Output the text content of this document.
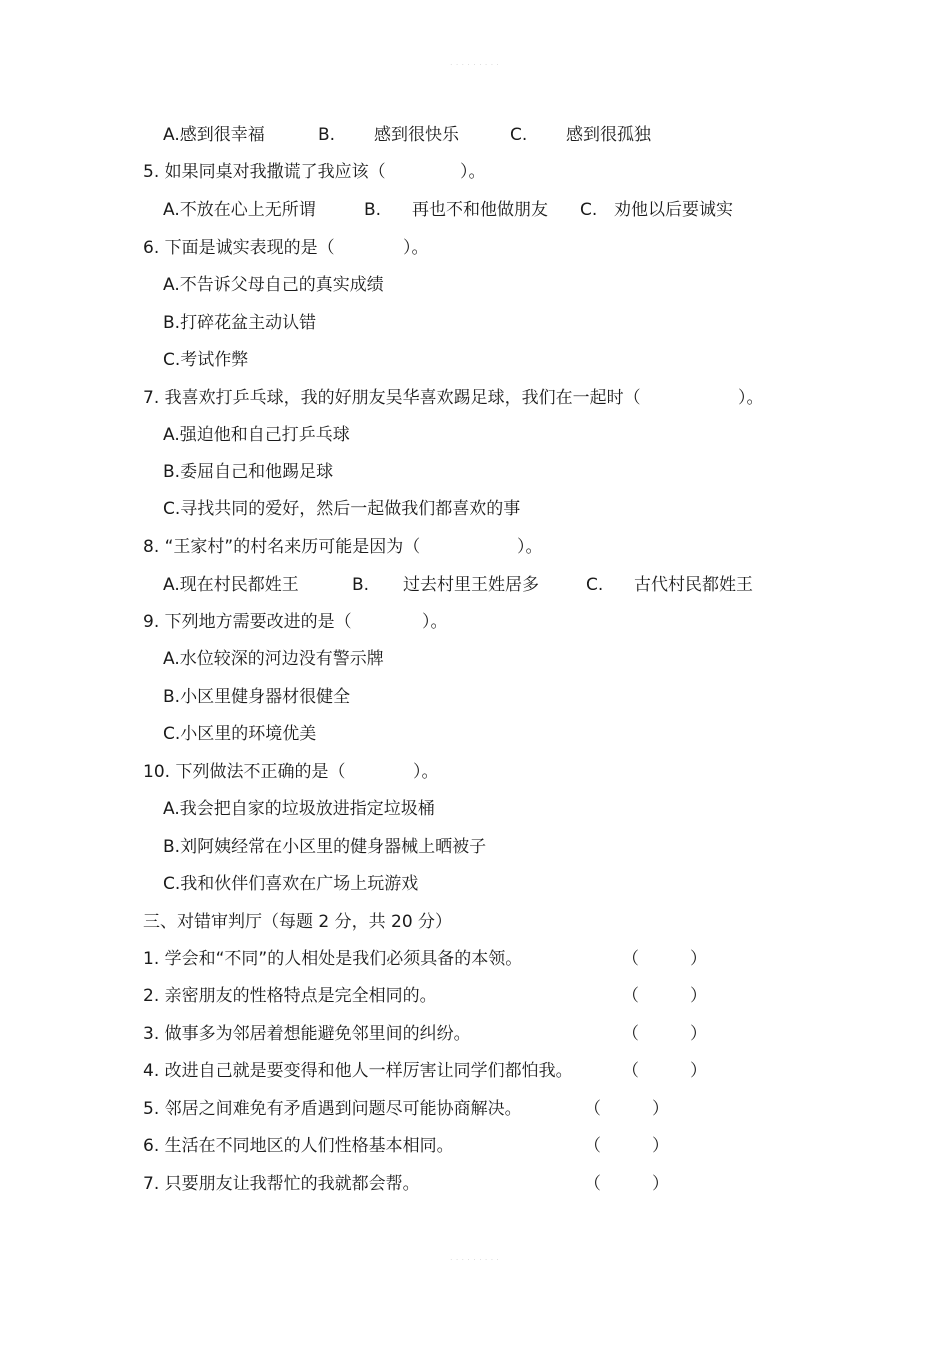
· · · · · · · · ·
A.感到很幸福	B. 感到很快乐	C. 感到很孤独
5. 如果同桌对我撒谎了我应该（	）。
A.不放在心上无所谓	B. 再也不和他做朋友 C. 劝他以后要诚实
6. 下面是诚实表现的是（	）。
A.不告诉父母自己的真实成绩
B.打碎花盆主动认错
C.考试作弊
7. 我喜欢打乒乓球，我的好朋友吴华喜欢踢足球，我们在一起时（	）。
A.强迫他和自己打乒乓球
B.委屈自己和他踢足球
C.寻找共同的爱好，然后一起做我们都喜欢的事
8. “王家村”的村名来历可能是因为（	）。
A.现在村民都姓王	B. 过去村里王姓居多	C. 古代村民都姓王
9. 下列地方需要改进的是（	）。
A.水位较深的河边没有警示牌
B.小区里健身器材很健全
C.小区里的环境优美
10. 下列做法不正确的是（	）。
A.我会把自家的垃圾放进指定垃圾桶
B.刘阿姨经常在小区里的健身器械上晒被子
C.我和伙伴们喜欢在广场上玩游戏
三、对错审判厅（每题 2 分，共 20 分）
1. 学会和“不同”的人相处是我们必须具备的本领。	（	）
2. 亲密朋友的性格特点是完全相同的。	（	）
3. 做事多为邻居着想能避免邻里间的纠纷。	（	）
4. 改进自己就是要变得和他人一样厉害让同学们都怕我。	（	）
5. 邻居之间难免有矛盾遇到问题尽可能协商解决。	（	）
6. 生活在不同地区的人们性格基本相同。	（	）
7. 只要朋友让我帮忙的我就都会帮。	（	）
· · · · · · · · ·
